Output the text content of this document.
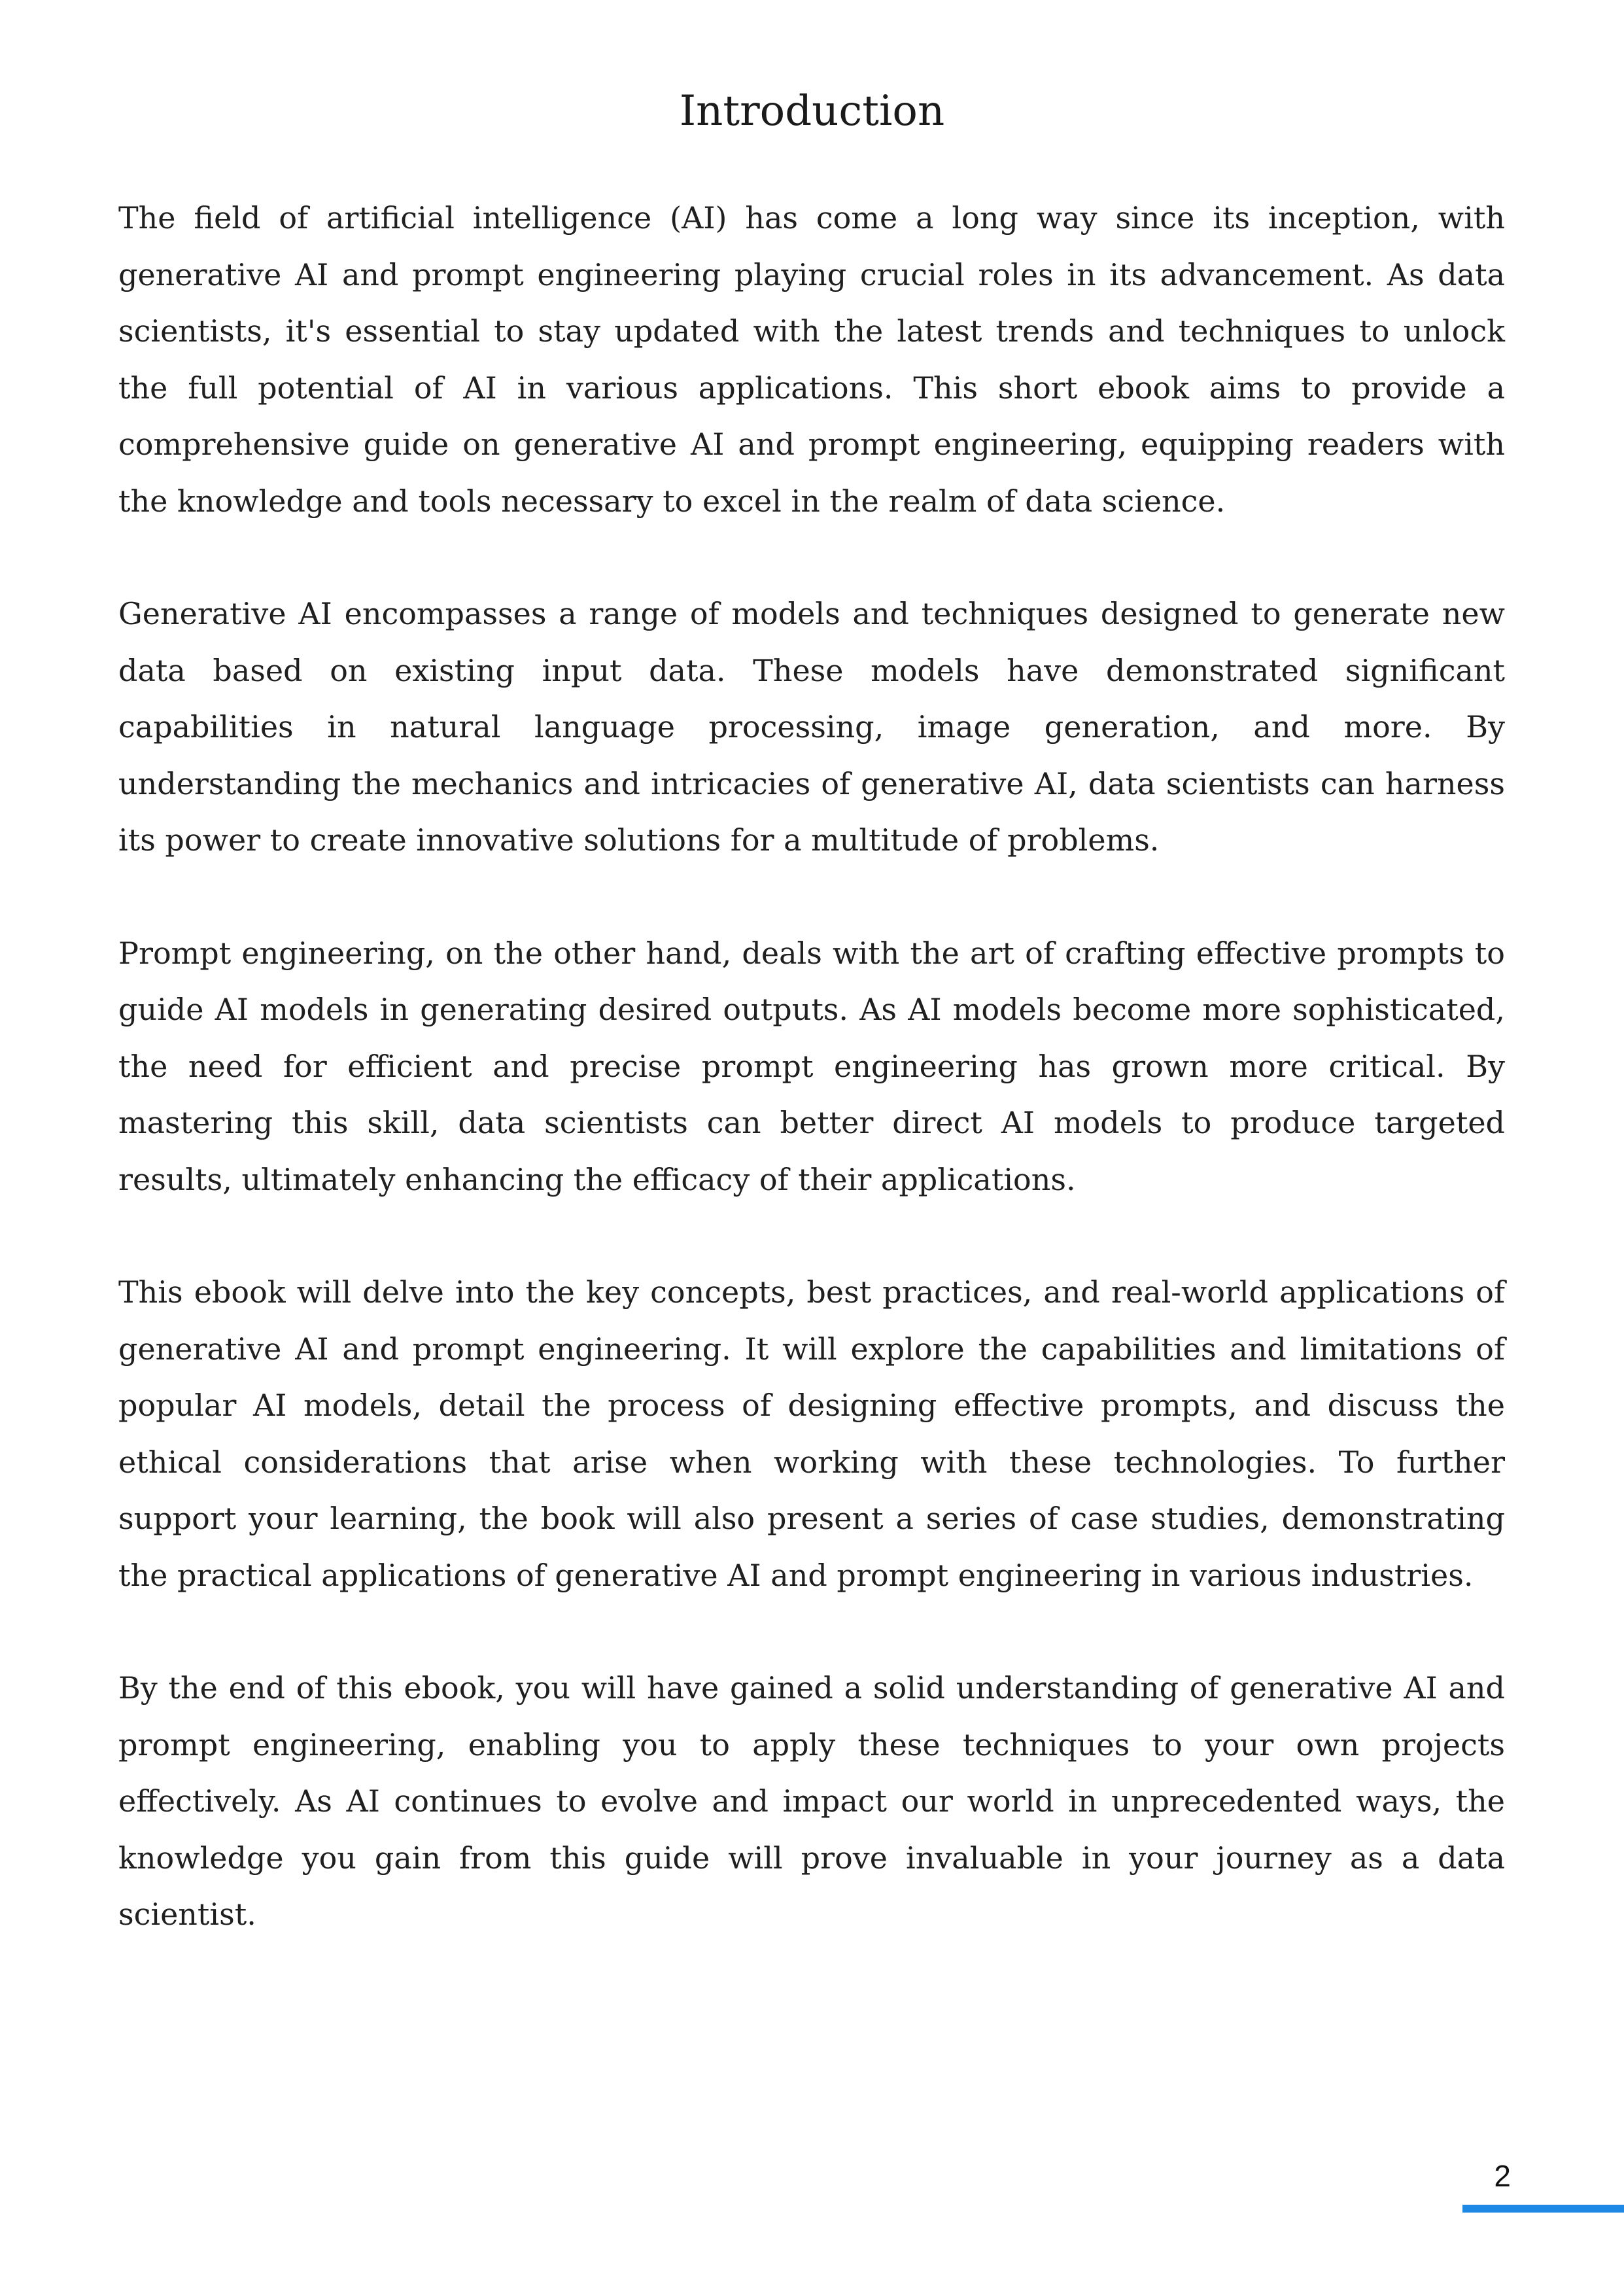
Introduction

The field of artificial intelligence (AI) has come a long way since its inception, with generative AI and prompt engineering playing crucial roles in its advancement. As data scientists, it's essential to stay updated with the latest trends and techniques to unlock the full potential of AI in various applications. This short ebook aims to provide a comprehensive guide on generative AI and prompt engineering, equipping readers with the knowledge and tools necessary to excel in the realm of data science.

Generative AI encompasses a range of models and techniques designed to generate new data based on existing input data. These models have demonstrated significant capabilities in natural language processing, image generation, and more. By understanding the mechanics and intricacies of generative AI, data scientists can harness its power to create innovative solutions for a multitude of problems.

Prompt engineering, on the other hand, deals with the art of crafting effective prompts to guide AI models in generating desired outputs. As AI models become more sophisticated, the need for efficient and precise prompt engineering has grown more critical. By mastering this skill, data scientists can better direct AI models to produce targeted results, ultimately enhancing the efficacy of their applications.

This ebook will delve into the key concepts, best practices, and real-world applications of generative AI and prompt engineering. It will explore the capabilities and limitations of popular AI models, detail the process of designing effective prompts, and discuss the ethical considerations that arise when working with these technologies. To further support your learning, the book will also present a series of case studies, demonstrating the practical applications of generative AI and prompt engineering in various industries.

By the end of this ebook, you will have gained a solid understanding of generative AI and prompt engineering, enabling you to apply these techniques to your own projects effectively. As AI continues to evolve and impact our world in unprecedented ways, the knowledge you gain from this guide will prove invaluable in your journey as a data scientist.

2
